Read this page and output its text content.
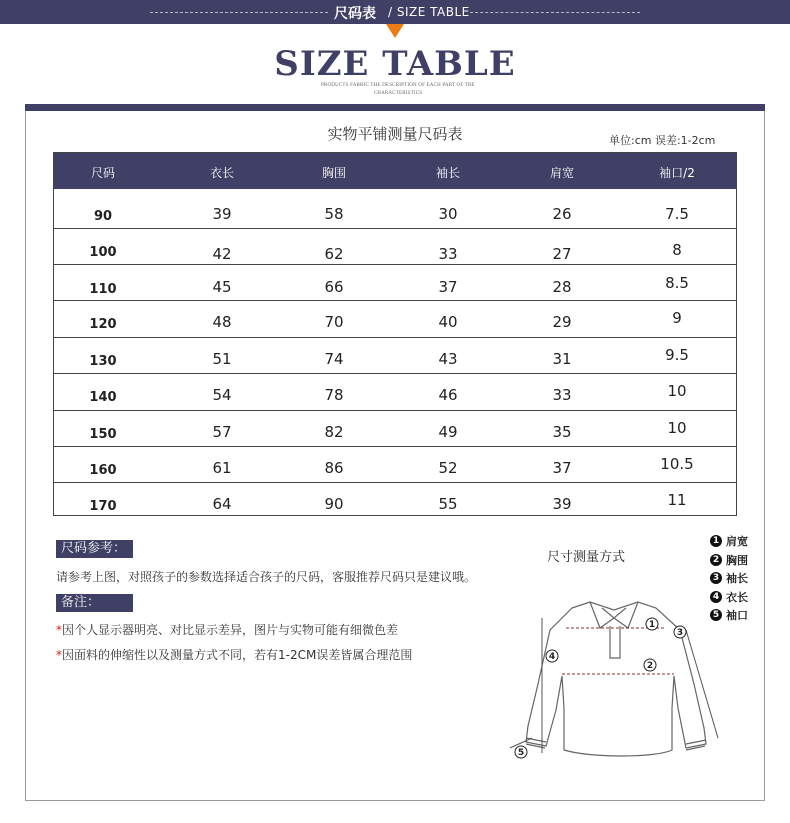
尺码表 / SIZE TABLE
SIZE TABLE
PRODUCTS FABRIC THE DESCRIPTION OF EACH PART OF THE CHARACTERISTICS
实物平铺测量尺码表	单位:cm 误差:1-2cm
尺码	衣长	胸围	袖长	肩宽	袖口/2
90	39	58	30	26	7.5
100	42	62	33	27	8
110	45	66	37	28	8.5
120	48	70	40	29	9
130	51	74	43	31	9.5
140	54	78	46	33	10
150	57	82	49	35	10
160	61	86	52	37	10.5
170	64	90	55	39	11
尺码参考：
请参考上图，对照孩子的参数选择适合孩子的尺码，客服推荐尺码只是建议哦。
备注：
*因个人显示器明亮、对比显示差异，图片与实物可能有细微色差
*因面料的伸缩性以及测量方式不同，若有1-2CM误差皆属合理范围
尺寸测量方式
1 肩宽
2 胸围
3 袖长
4 衣长
5 袖口
1
2
3
4
5
